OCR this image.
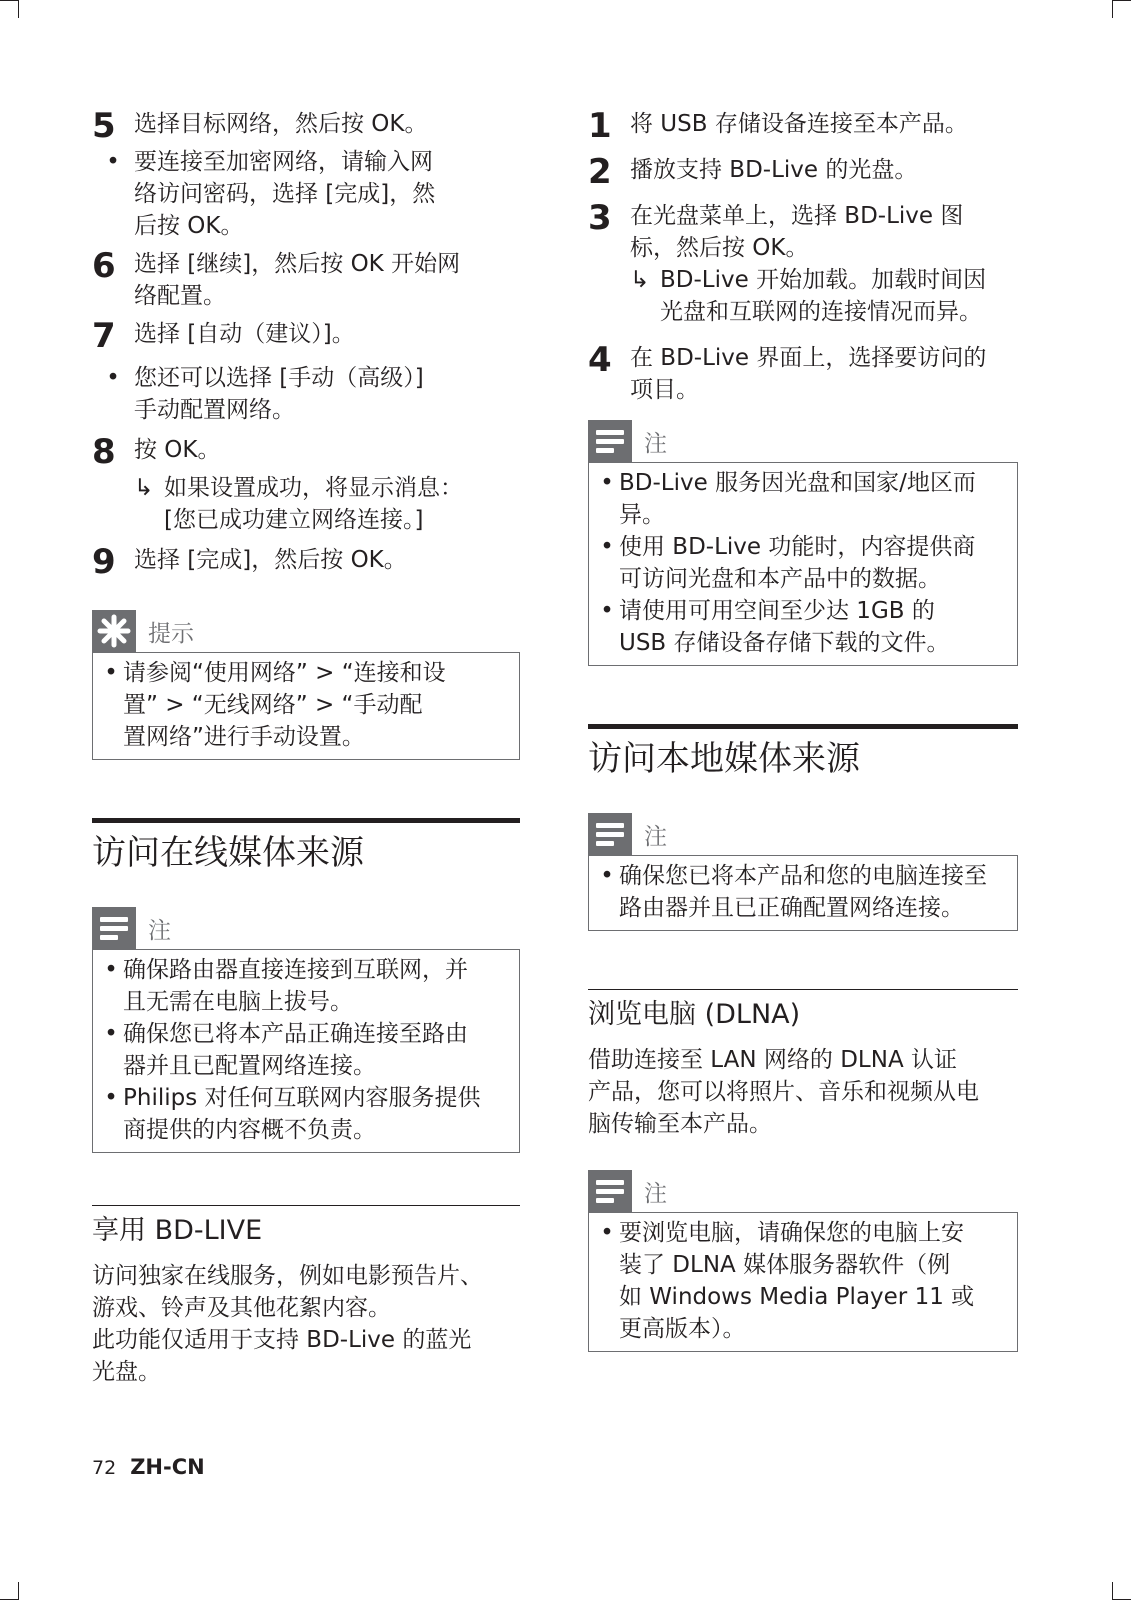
5 选择目标网络，然后按 OK。
• 要连接至加密网络，请输入网
络访问密码，选择 [完成]，然
后按 OK。
6 选择 [继续]，然后按 OK 开始网
络配置。
7 选择 [自动（建议）]。
• 您还可以选择 [手动（高级）]
手动配置网络。
8 按 OK。
↳ 如果设置成功，将显示消息：
[您已成功建立网络连接。]
9 选择 [完成]，然后按 OK。
提示
• 请参阅“使用网络” > “连接和设
置” > “无线网络” > “手动配
置网络”进行手动设置。
访问在线媒体来源
注
• 确保路由器直接连接到互联网，并
且无需在电脑上拔号。
• 确保您已将本产品正确连接至路由
器并且已配置网络连接。
• Philips 对任何互联网内容服务提供
商提供的内容概不负责。
享用 BD-LIVE
访问独家在线服务，例如电影预告片、
游戏、铃声及其他花絮内容。
此功能仅适用于支持 BD-Live 的蓝光
光盘。
1 将 USB 存储设备连接至本产品。
2 播放支持 BD-Live 的光盘。
3 在光盘菜单上，选择 BD-Live 图
标，然后按 OK。
↳ BD-Live 开始加载。加载时间因
光盘和互联网的连接情况而异。
4 在 BD-Live 界面上，选择要访问的
项目。
注
• BD-Live 服务因光盘和国家/地区而
异。
• 使用 BD-Live 功能时，内容提供商
可访问光盘和本产品中的数据。
• 请使用可用空间至少达 1GB 的
USB 存储设备存储下载的文件。
访问本地媒体来源
注
• 确保您已将本产品和您的电脑连接至
路由器并且已正确配置网络连接。
浏览电脑 (DLNA)
借助连接至 LAN 网络的 DLNA 认证
产品，您可以将照片、音乐和视频从电
脑传输至本产品。
注
• 要浏览电脑，请确保您的电脑上安
装了 DLNA 媒体服务器软件（例
如 Windows Media Player 11 或
更高版本）。
72 ZH-CN
